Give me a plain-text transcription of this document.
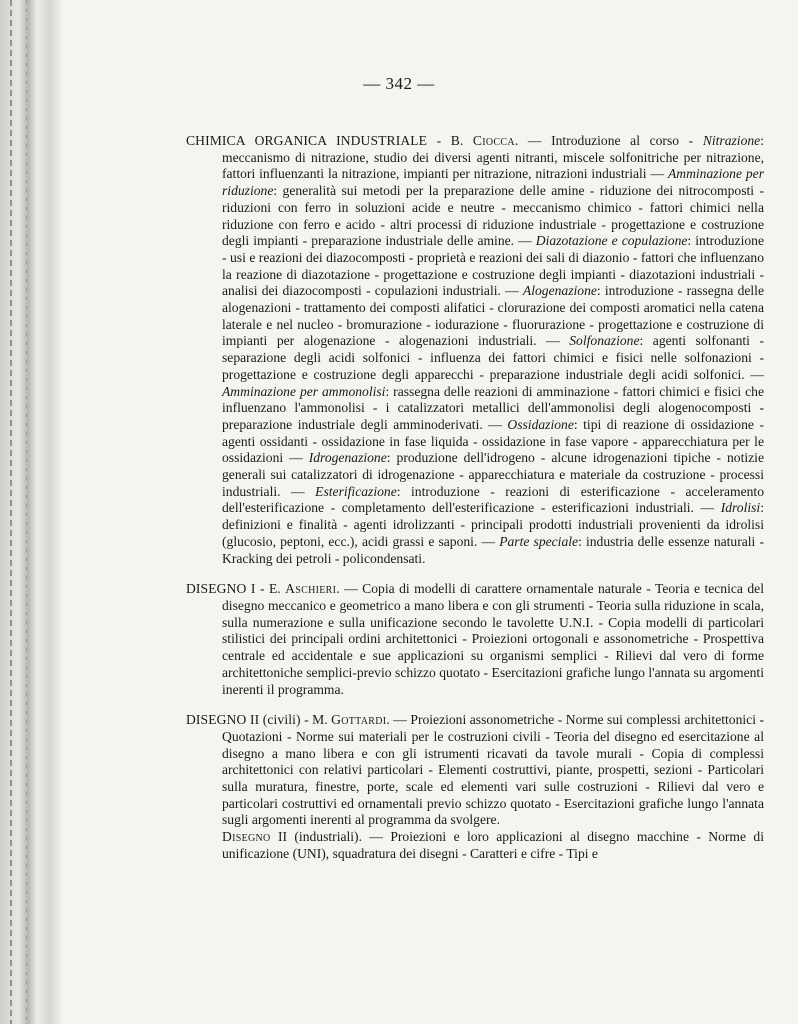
— 342 —

CHIMICA ORGANICA INDUSTRIALE - B. Ciocca. — Introduzione al corso - Nitrazione: meccanismo di nitrazione, studio dei diversi agenti nitranti, miscele solfonitriche per nitrazione, fattori influenzanti la nitrazione, impianti per nitrazione, nitrazioni industriali — Amminazione per riduzione: generalità sui metodi per la preparazione delle amine - riduzione dei nitrocomposti - riduzioni con ferro in soluzioni acide e neutre - meccanismo chimico - fattori chimici nella riduzione con ferro e acido - altri processi di riduzione industriale - progettazione e costruzione degli impianti - preparazione industriale delle amine. — Diazotazione e copulazione: introduzione - usi e reazioni dei diazocomposti - proprietà e reazioni dei sali di diazonio - fattori che influenzano la reazione di diazotazione - progettazione e costruzione degli impianti - diazotazioni industriali - analisi dei diazocomposti - copulazioni industriali. — Alogenazione: introduzione - rassegna delle alogenazioni - trattamento dei composti alifatici - clorurazione dei composti aromatici nella catena laterale e nel nucleo - bromurazione - iodurazione - fluorurazione - progettazione e costruzione di impianti per alogenazione - alogenazioni industriali. — Solfonazione: agenti solfonanti - separazione degli acidi solfonici - influenza dei fattori chimici e fisici nelle solfonazioni - progettazione e costruzione degli apparecchi - preparazione industriale degli acidi solfonici. — Amminazione per ammonolisi: rassegna delle reazioni di amminazione - fattori chimici e fisici che influenzano l'ammonolisi - i catalizzatori metallici dell'ammonolisi degli alogenocomposti - preparazione industriale degli amminoderivati. — Ossidazione: tipi di reazione di ossidazione - agenti ossidanti - ossidazione in fase liquida - ossidazione in fase vapore - apparecchiatura per le ossidazioni — Idrogenazione: produzione dell'idrogeno - alcune idrogenazioni tipiche - notizie generali sui catalizzatori di idrogenazione - apparecchiatura e materiale da costruzione - processi industriali. — Esterificazione: introduzione - reazioni di esterificazione - acceleramento dell'esterificazione - completamento dell'esterificazione - esterificazioni industriali. — Idrolisi: definizioni e finalità - agenti idrolizzanti - principali prodotti industriali provenienti da idrolisi (glucosio, peptoni, ecc.), acidi grassi e saponi. — Parte speciale: industria delle essenze naturali - Kracking dei petroli - policondensati.

DISEGNO I - E. Aschieri. — Copia di modelli di carattere ornamentale naturale - Teoria e tecnica del disegno meccanico e geometrico a mano libera e con gli strumenti - Teoria sulla riduzione in scala, sulla numerazione e sulla unificazione secondo le tavolette U.N.I. - Copia modelli di particolari stilistici dei principali ordini architettonici - Proiezioni ortogonali e assonometriche - Prospettiva centrale ed accidentale e sue applicazioni su organismi semplici - Rilievi dal vero di forme architettoniche semplici-previo schizzo quotato - Esercitazioni grafiche lungo l'annata su argomenti inerenti il programma.

DISEGNO II (civili) - M. Gottardi. — Proiezioni assonometriche - Norme sui complessi architettonici - Quotazioni - Norme sui materiali per le costruzioni civili - Teoria del disegno ed esercitazione al disegno a mano libera e con gli istrumenti ricavati da tavole murali - Copia di complessi architettonici con relativi particolari - Elementi costruttivi, piante, prospetti, sezioni - Particolari sulla muratura, finestre, porte, scale ed elementi vari sulle costruzioni - Rilievi dal vero e particolari costruttivi ed ornamentali previo schizzo quotato - Esercitazioni grafiche lungo l'annata sugli argomenti inerenti al programma da svolgere.

Disegno II (industriali). — Proiezioni e loro applicazioni al disegno macchine - Norme di unificazione (UNI), squadratura dei disegni - Caratteri e cifre - Tipi e
